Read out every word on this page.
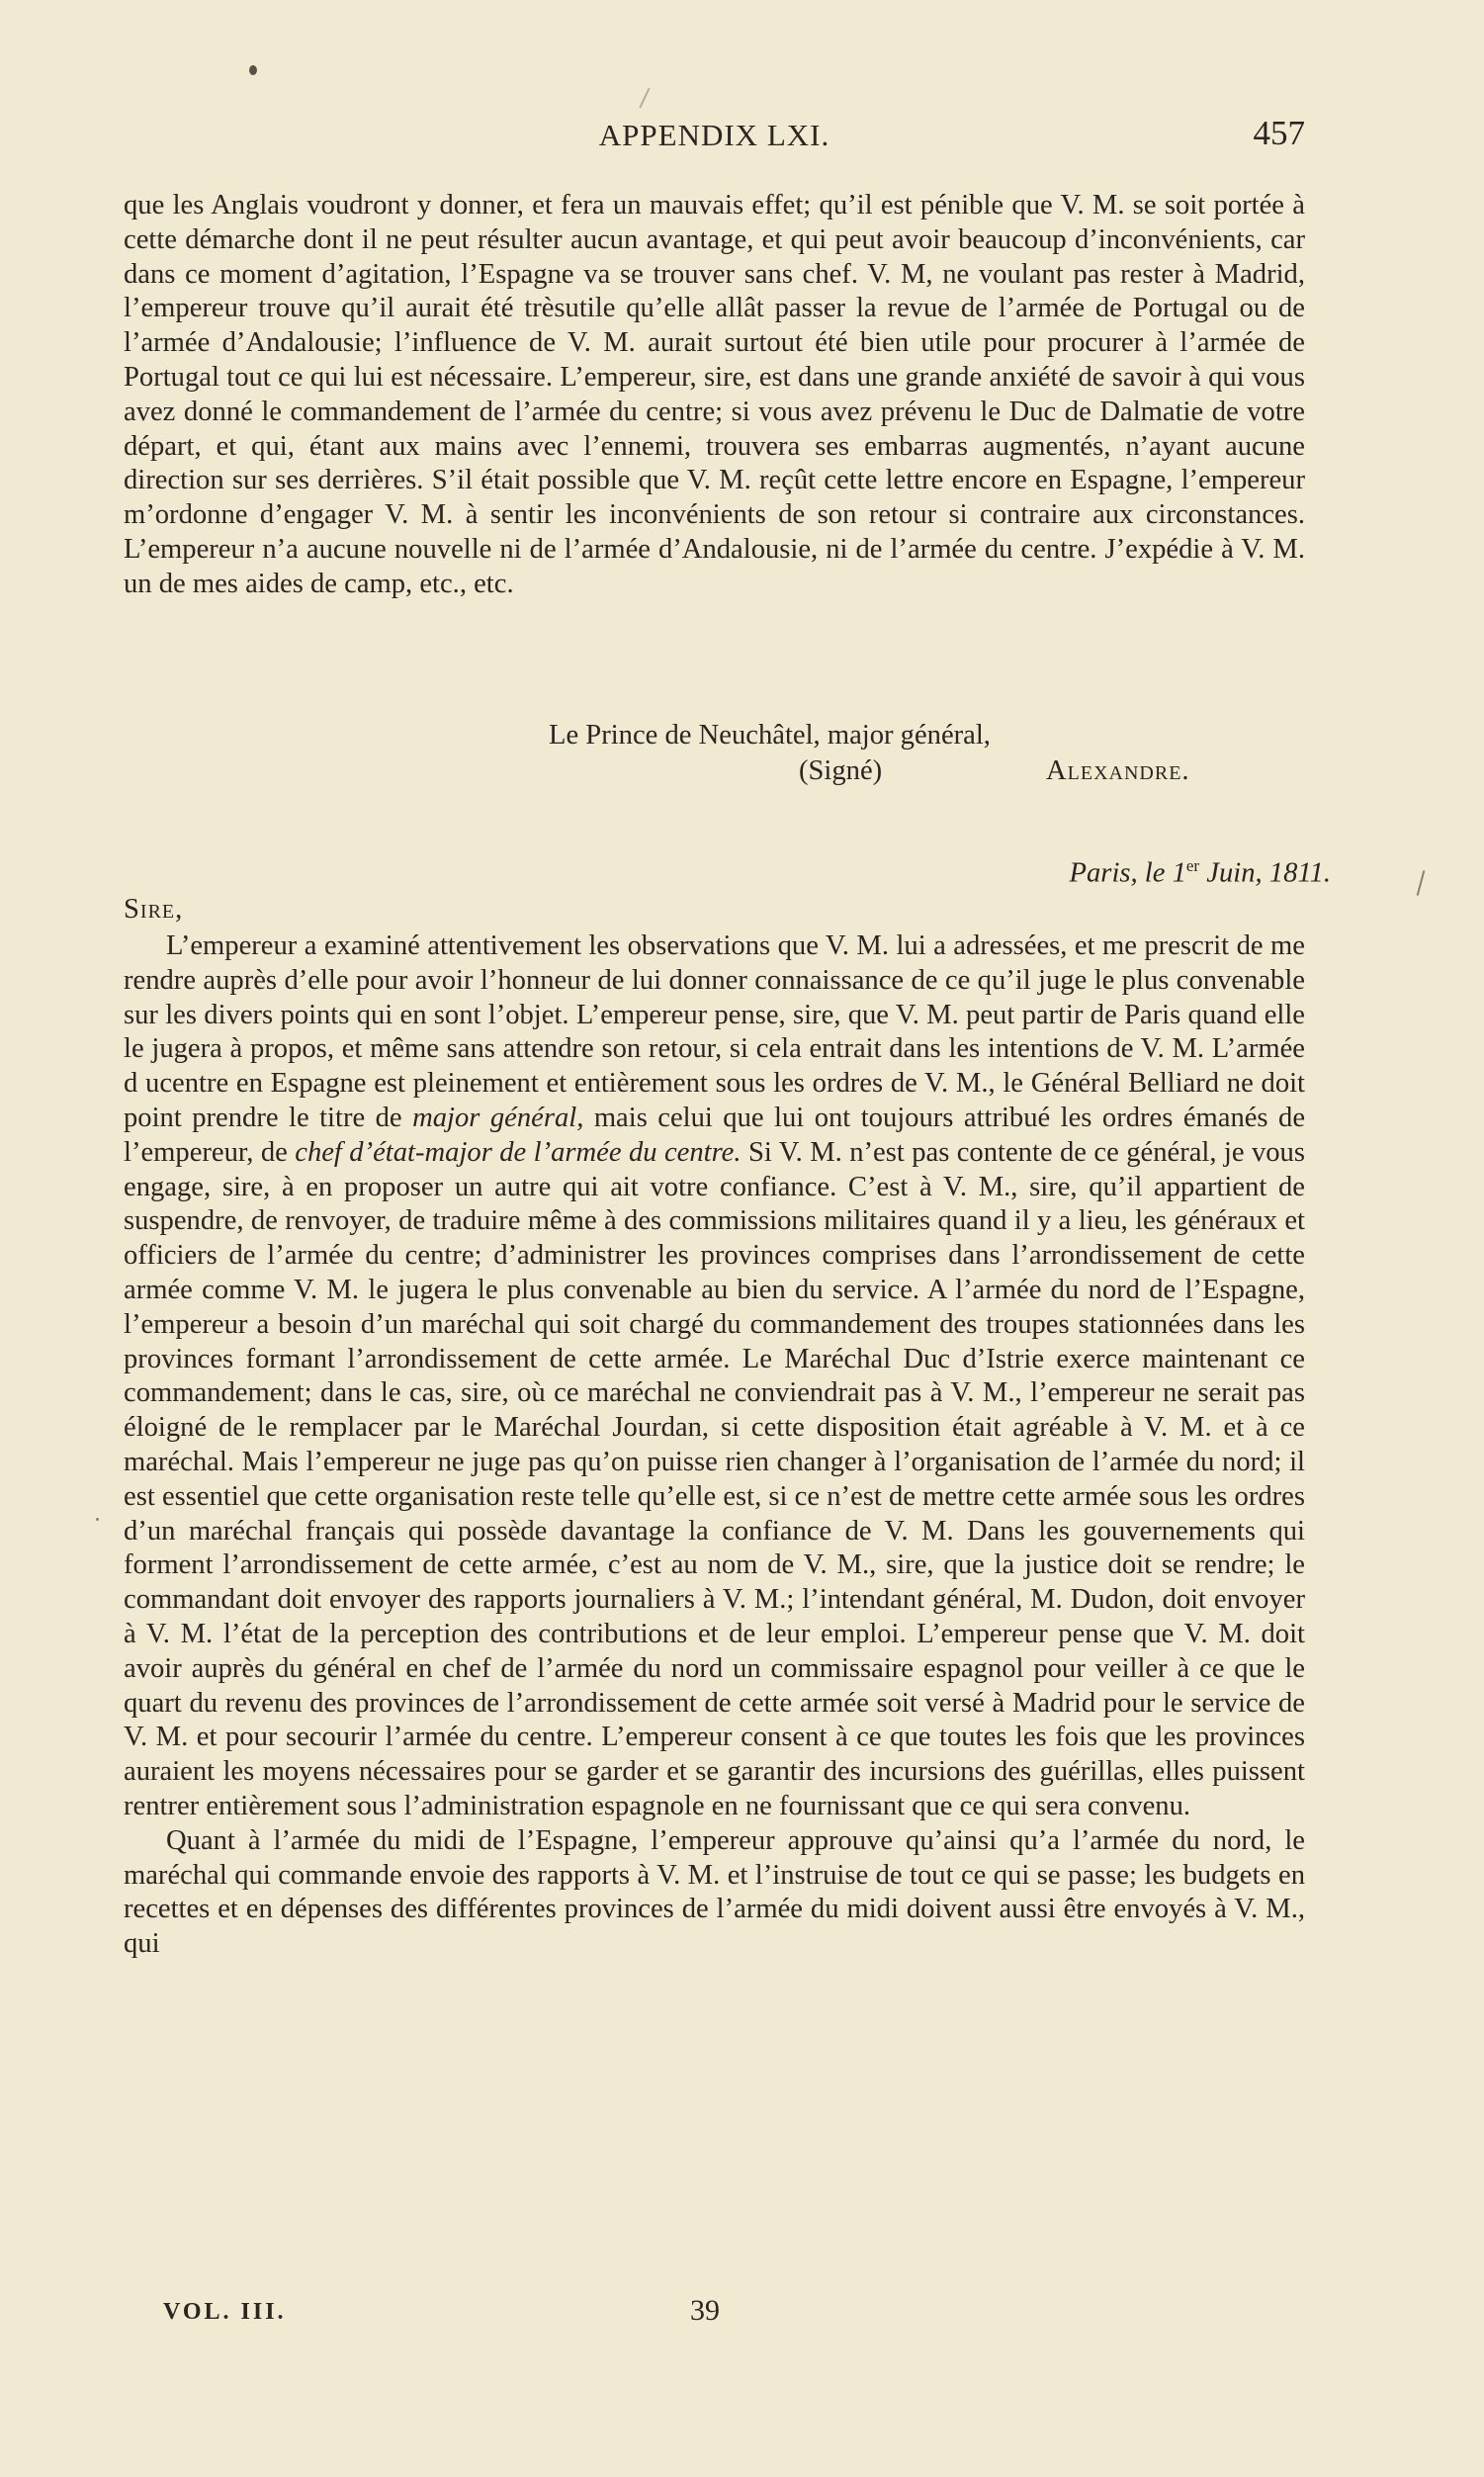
APPENDIX LXI.	457

que les Anglais voudront y donner, et fera un mauvais effet; qu’il est pénible que V. M. se soit portée à cette démarche dont il ne peut résulter aucun avantage, et qui peut avoir beaucoup d’inconvénients, car dans ce moment d’agitation, l’Espagne va se trouver sans chef. V. M, ne voulant pas rester à Madrid, l’empereur trouve qu’il aurait été trèsutile qu’elle allât passer la revue de l’armée de Portugal ou de l’armée d’Andalousie; l’influence de V. M. aurait surtout été bien utile pour procurer à l’armée de Portugal tout ce qui lui est nécessaire. L’empereur, sire, est dans une grande anxiété de savoir à qui vous avez donné le commandement de l’armée du centre; si vous avez prévenu le Duc de Dalmatie de votre départ, et qui, étant aux mains avec l’ennemi, trouvera ses embarras augmentés, n’ayant aucune direction sur ses derrières. S’il était possible que V. M. reçût cette lettre encore en Espagne, l’empereur m’ordonne d’engager V. M. à sentir les inconvénients de son retour si contraire aux circonstances. L’empereur n’a aucune nouvelle ni de l’armée d’Andalousie, ni de l’armée du centre. J’expédie à V. M. un de mes aides de camp, etc., etc.

Le Prince de Neuchâtel, major général,
(Signé)	Alexandre.
Paris, le 1er Juin, 1811.
Sire,

L’empereur a examiné attentivement les observations que V. M. lui a adressées, et me prescrit de me rendre auprès d’elle pour avoir l’honneur de lui donner connaissance de ce qu’il juge le plus convenable sur les divers points qui en sont l’objet. L’empereur pense, sire, que V. M. peut partir de Paris quand elle le jugera à propos, et même sans attendre son retour, si cela entrait dans les intentions de V. M. L’armée d ucentre en Espagne est pleinement et entièrement sous les ordres de V. M., le Général Belliard ne doit point prendre le titre de major général, mais celui que lui ont toujours attribué les ordres émanés de l’empereur, de chef d’état-major de l’armée du centre. Si V. M. n’est pas contente de ce général, je vous engage, sire, à en proposer un autre qui ait votre confiance. C’est à V. M., sire, qu’il appartient de suspendre, de renvoyer, de traduire même à des commissions militaires quand il y a lieu, les généraux et officiers de l’armée du centre; d’administrer les provinces comprises dans l’arrondissement de cette armée comme V. M. le jugera le plus convenable au bien du service. A l’armée du nord de l’Espagne, l’empereur a besoin d’un maréchal qui soit chargé du commandement des troupes stationnées dans les provinces formant l’arrondissement de cette armée. Le Maréchal Duc d’Istrie exerce maintenant ce commandement; dans le cas, sire, où ce maréchal ne conviendrait pas à V. M., l’empereur ne serait pas éloigné de le remplacer par le Maréchal Jourdan, si cette disposition était agréable à V. M. et à ce maréchal. Mais l’empereur ne juge pas qu’on puisse rien changer à l’organisation de l’armée du nord; il est essentiel que cette organisation reste telle qu’elle est, si ce n’est de mettre cette armée sous les ordres d’un maréchal français qui possède davantage la confiance de V. M. Dans les gouvernements qui forment l’arrondissement de cette armée, c’est au nom de V. M., sire, que la justice doit se rendre; le commandant doit envoyer des rapports journaliers à V. M.; l’intendant général, M. Dudon, doit envoyer à V. M. l’état de la perception des contributions et de leur emploi. L’empereur pense que V. M. doit avoir auprès du général en chef de l’armée du nord un commissaire espagnol pour veiller à ce que le quart du revenu des provinces de l’arrondissement de cette armée soit versé à Madrid pour le service de V. M. et pour secourir l’armée du centre. L’empereur consent à ce que toutes les fois que les provinces auraient les moyens nécessaires pour se garder et se garantir des incursions des guérillas, elles puissent rentrer entièrement sous l’administration espagnole en ne fournissant que ce qui sera convenu.

Quant à l’armée du midi de l’Espagne, l’empereur approuve qu’ainsi qu’a l’armée du nord, le maréchal qui commande envoie des rapports à V. M. et l’instruise de tout ce qui se passe; les budgets en recettes et en dépenses des différentes provinces de l’armée du midi doivent aussi être envoyés à V. M., qui

VOL. III.	39
